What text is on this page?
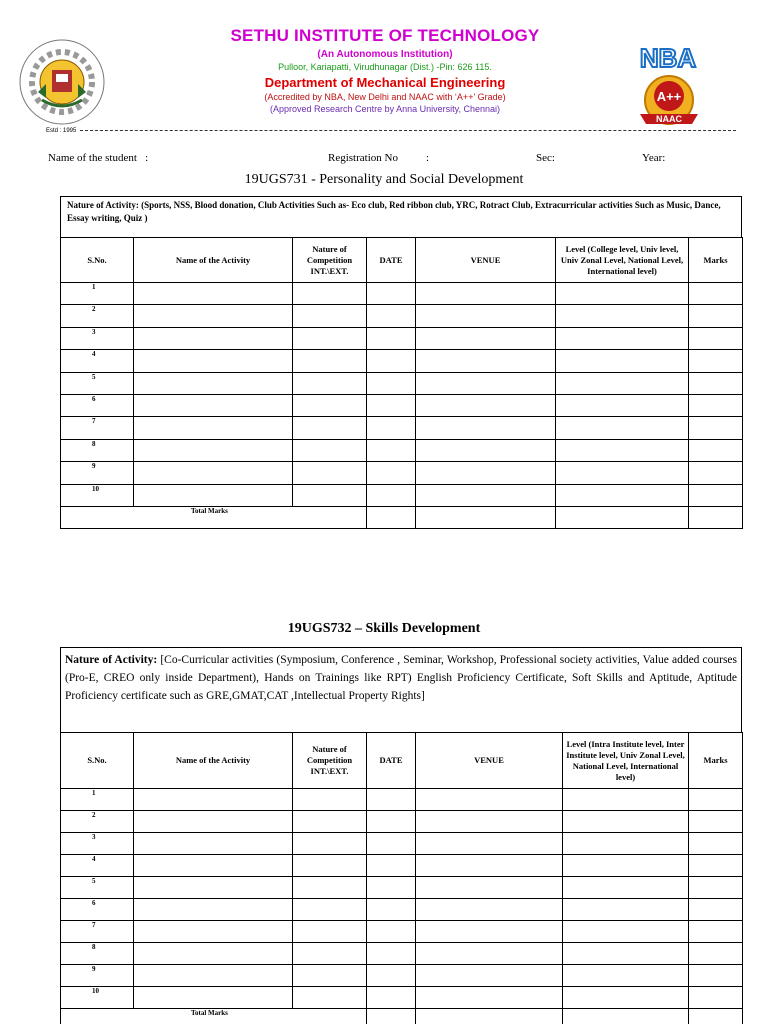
Estd : 1995
SETHU INSTITUTE OF TECHNOLOGY
(An Autonomous Institution)
Pulloor, Kariapatti, Virudhunagar (Dist.) -Pin: 626 115.
Department of Mechanical Engineering
(Accredited by NBA, New Delhi and NAAC with ‘A++’ Grade)
(Approved Research Centre by Anna University, Chennai)
NBA
A++
NAAC
Name of the student :	Registration No	:	Sec:	Year:
19UGS731 - Personality and Social Development
Nature of Activity: (Sports, NSS, Blood donation, Club Activities Such as- Eco club, Red ribbon club, YRC, Rotract Club, Extracurricular activities Such as Music, Dance, Essay writing, Quiz )
S.No.	Name of the Activity	Nature of Competition INT.\EXT.	DATE	VENUE	Level (College level, Univ level, Univ Zonal Level, National Level, International level)	Marks
1						
2						
3						
4						
5						
6						
7						
8						
9						
10						
Total Marks						
19UGS732 – Skills Development
Nature of Activity: [Co-Curricular activities (Symposium, Conference , Seminar, Workshop, Professional society activities, Value added courses (Pro-E, CREO only inside Department), Hands on Trainings like RPT) English Proficiency Certificate, Soft Skills and Aptitude, Aptitude Proficiency certificate such as GRE,GMAT,CAT ,Intellectual Property Rights]
S.No.	Name of the Activity	Nature of Competition INT.\EXT.	DATE	VENUE	Level (Intra Institute level, Inter Institute level, Univ Zonal Level, National Level, International level)	Marks
1						
2						
3						
4						
5						
6						
7						
8						
9						
10						
Total Marks						
